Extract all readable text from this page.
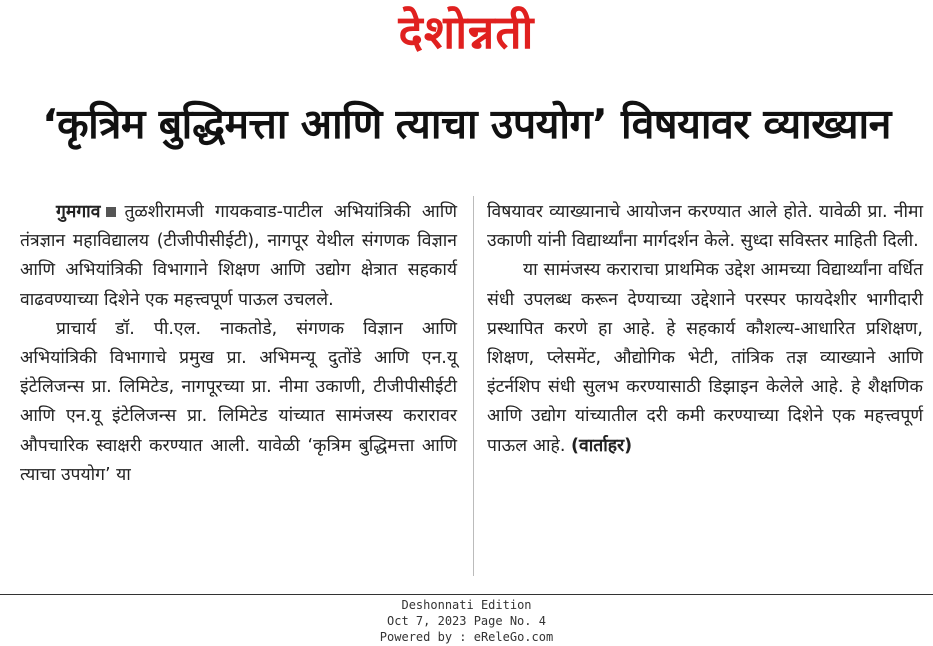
देशोन्नती
‘कृत्रिम बुद्धिमत्ता आणि त्याचा उपयोग’ विषयावर व्याख्यान

गुमगाव तुळशीरामजी गायकवाड-पाटील अभियांत्रिकी आणि तंत्रज्ञान महाविद्यालय (टीजीपीसीईटी), नागपूर येथील संगणक विज्ञान आणि अभियांत्रिकी विभागाने शिक्षण आणि उद्योग क्षेत्रात सहकार्य वाढवण्याच्या दिशेने एक महत्त्वपूर्ण पाऊल उचलले.

प्राचार्य डॉ. पी.एल. नाकतोडे, संगणक विज्ञान आणि अभियांत्रिकी विभागाचे प्रमुख प्रा. अभिमन्यू दुतोंडे आणि एन.यू इंटेलिजन्स प्रा. लिमिटेड, नागपूरच्या प्रा. नीमा उकाणी, टीजीपीसीईटी आणि एन.यू इंटेलिजन्स प्रा. लिमिटेड यांच्यात सामंजस्य करारावर औपचारिक स्वाक्षरी करण्यात आली. यावेळी ‘कृत्रिम बुद्धिमत्ता आणि त्याचा उपयोग’ या

विषयावर व्याख्यानाचे आयोजन करण्यात आले होते. यावेळी प्रा. नीमा उकाणी यांनी विद्यार्थ्यांना मार्गदर्शन केले. सुध्दा सविस्तर माहिती दिली.

या सामंजस्य कराराचा प्राथमिक उद्देश आमच्या विद्यार्थ्यांना वर्धित संधी उपलब्ध करून देण्याच्या उद्देशाने परस्पर फायदेशीर भागीदारी प्रस्थापित करणे हा आहे. हे सहकार्य कौशल्य-आधारित प्रशिक्षण, शिक्षण, प्लेसमेंट, औद्योगिक भेटी, तांत्रिक तज्ञ व्याख्याने आणि इंटर्नशिप संधी सुलभ करण्यासाठी डिझाइन केलेले आहे. हे शैक्षणिक आणि उद्योग यांच्यातील दरी कमी करण्याच्या दिशेने एक महत्त्वपूर्ण पाऊल आहे. (वार्ताहर)

Deshonnati Edition
Oct 7, 2023 Page No. 4
Powered by : eReleGo.com
